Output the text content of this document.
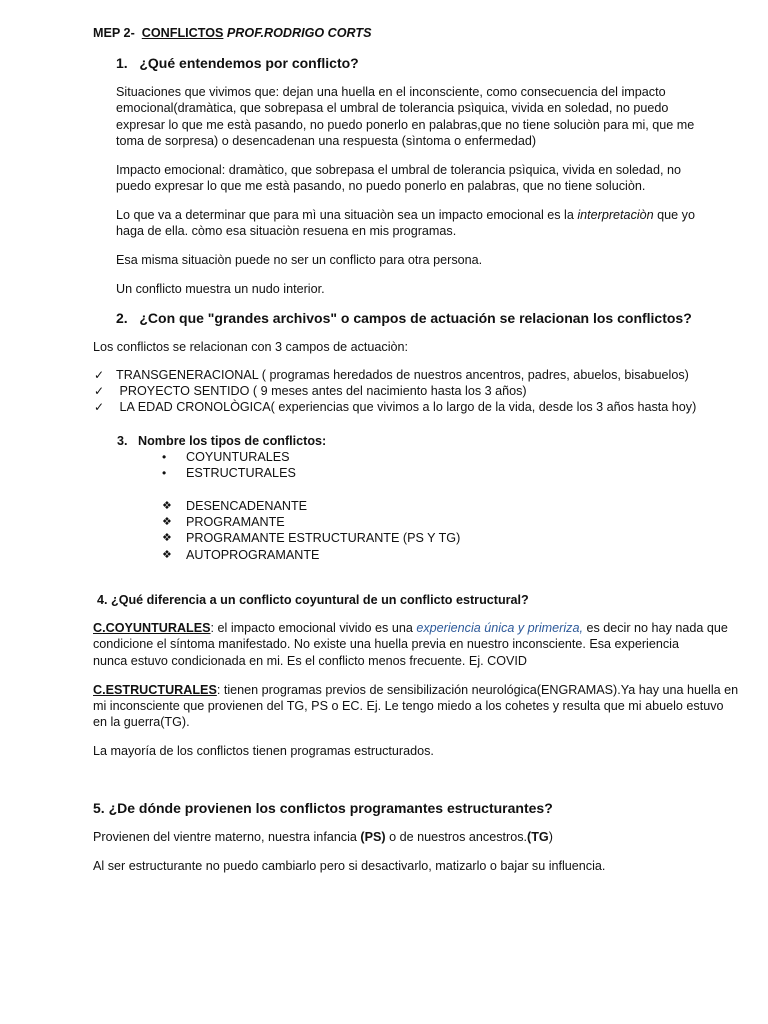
MEP 2- CONFLICTOS PROF.RODRIGO CORTS
1. ¿Qué entendemos por conflicto?
Situaciones que vivimos que: dejan una huella en el inconsciente, como consecuencia del impacto
emocional(dramàtica, que sobrepasa el umbral de tolerancia psìquica, vivida en soledad, no puedo
expresar lo que me està pasando, no puedo ponerlo en palabras,que no tiene soluciòn para mi, que me
toma de sorpresa) o desencadenan una respuesta (sìntoma o enfermedad)
Impacto emocional: dramàtico, que sobrepasa el umbral de tolerancia psìquica, vivida en soledad, no
puedo expresar lo que me està pasando, no puedo ponerlo en palabras, que no tiene soluciòn.
Lo que va a determinar que para mì una situaciòn sea un impacto emocional es la interpretaciòn que yo
haga de ella. còmo esa situaciòn resuena en mis programas.
Esa misma situaciòn puede no ser un conflicto para otra persona.
Un conflicto muestra un nudo interior.
2. ¿Con que "grandes archivos" o campos de actuación se relacionan los conflictos?
Los conflictos se relacionan con 3 campos de actuaciòn:
✓ TRANSGENERACIONAL ( programas heredados de nuestros ancentros, padres, abuelos, bisabuelos)
✓ PROYECTO SENTIDO ( 9 meses antes del nacimiento hasta los 3 años)
✓ LA EDAD CRONOLÒGICA( experiencias que vivimos a lo largo de la vida, desde los 3 años hasta hoy)
3. Nombre los tipos de conflictos:
• COYUNTURALES
• ESTRUCTURALES
❖ DESENCADENANTE
❖ PROGRAMANTE
❖ PROGRAMANTE ESTRUCTURANTE (PS Y TG)
❖ AUTOPROGRAMANTE
4. ¿Qué diferencia a un conflicto coyuntural de un conflicto estructural?
C.COYUNTURALES: el impacto emocional vivido es una experiencia única y primeriza, es decir no hay nada que
condicione el síntoma manifestado. No existe una huella previa en nuestro inconsciente. Esa experiencia
nunca estuvo condicionada en mi. Es el conflicto menos frecuente. Ej. COVID
C.ESTRUCTURALES: tienen programas previos de sensibilización neurológica(ENGRAMAS).Ya hay una huella en
mi inconsciente que provienen del TG, PS o EC. Ej. Le tengo miedo a los cohetes y resulta que mi abuelo estuvo
en la guerra(TG).
La mayoría de los conflictos tienen programas estructurados.
5. ¿De dónde provienen los conflictos programantes estructurantes?
Provienen del vientre materno, nuestra infancia (PS) o de nuestros ancestros.(TG)
Al ser estructurante no puedo cambiarlo pero si desactivarlo, matizarlo o bajar su influencia.
